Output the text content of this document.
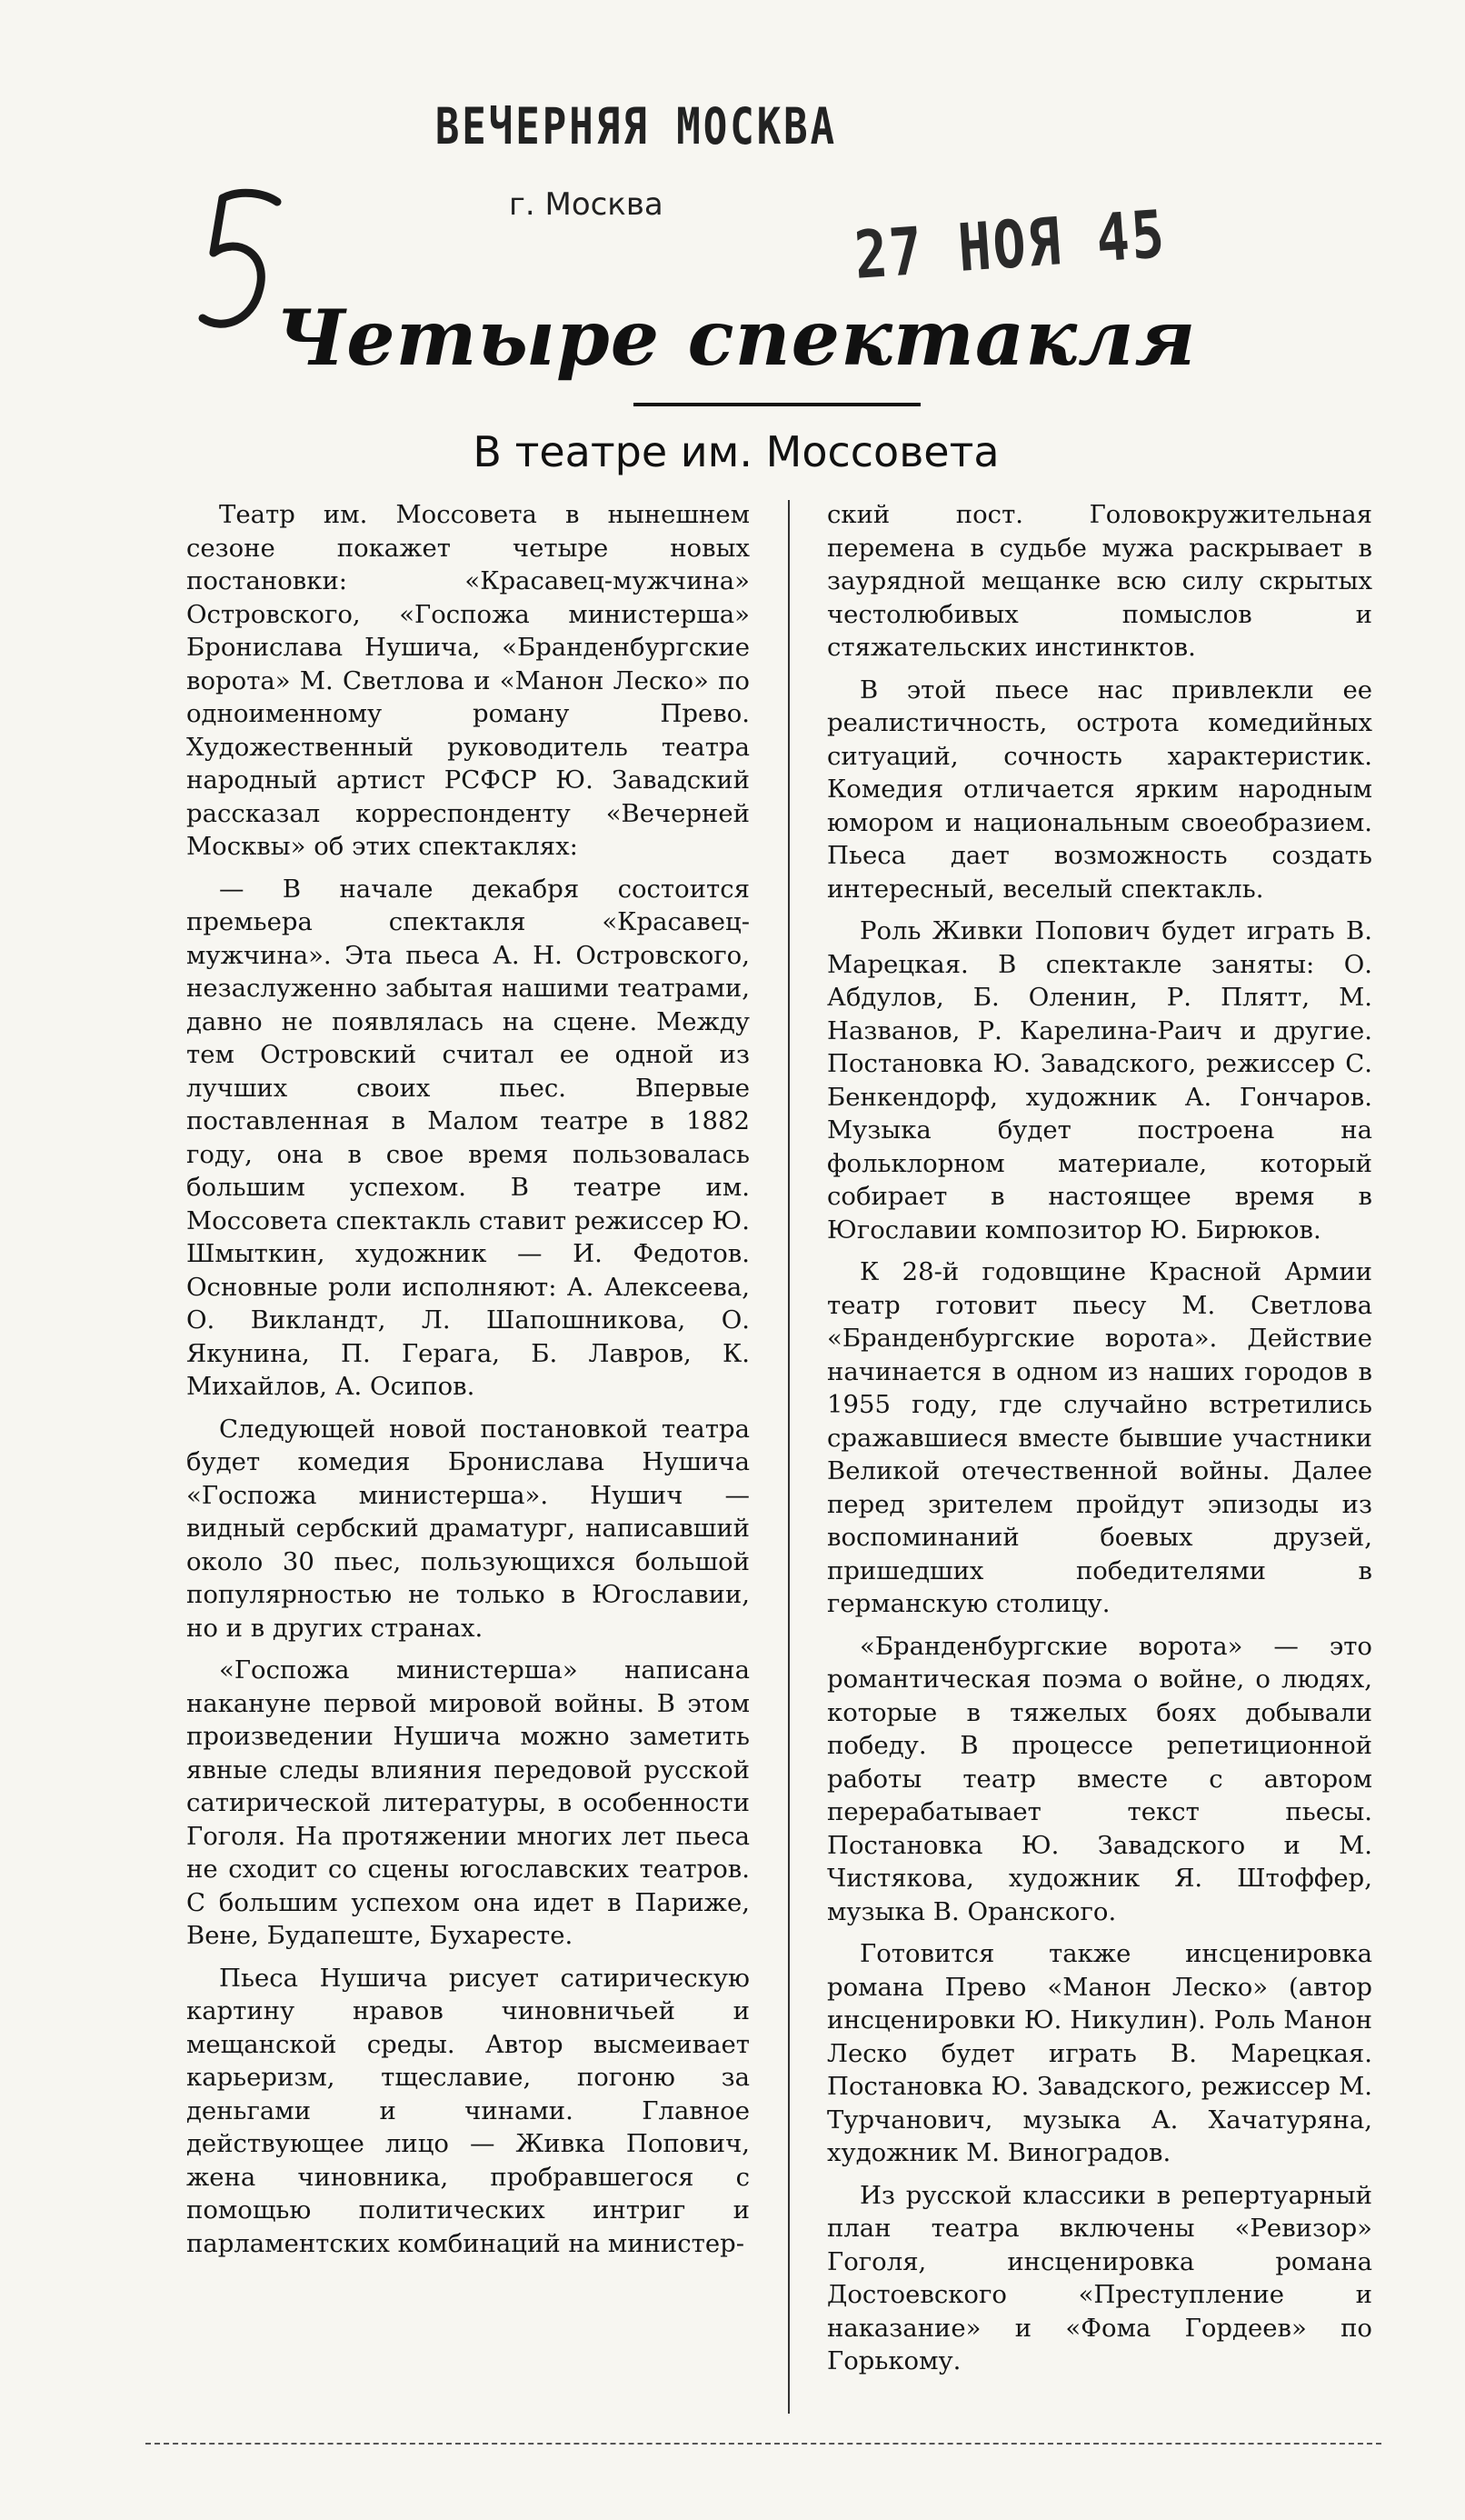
ВЕЧЕРНЯЯ МОСКВА
г. Москва	27 НОЯ 45
Четыре спектакля
В театре им. Моссовета

Театр им. Моссовета в нынешнем сезоне покажет четыре новых постановки: «Красавец-мужчина» Островского, «Госпожа министерша» Бронислава Нушича, «Бранденбургские ворота» М. Светлова и «Манон Леско» по одноименному роману Прево. Художественный руководитель театра народный артист РСФСР Ю. Завадский рассказал корреспонденту «Вечерней Москвы» об этих спектаклях:

— В начале декабря состоится премьера спектакля «Красавец-мужчина». Эта пьеса А. Н. Островского, незаслуженно забытая нашими театрами, давно не появлялась на сцене. Между тем Островский считал ее одной из лучших своих пьес. Впервые поставленная в Малом театре в 1882 году, она в свое время пользовалась большим успехом. В театре им. Моссовета спектакль ставит режиссер Ю. Шмыткин, художник — И. Федотов. Основные роли исполняют: А. Алексеева, О. Викландт, Л. Шапошникова, О. Якунина, П. Герага, Б. Лавров, К. Михайлов, А. Осипов.

Следующей новой постановкой театра будет комедия Бронислава Нушича «Госпожа министерша». Нушич — видный сербский драматург, написавший около 30 пьес, пользующихся большой популярностью не только в Югославии, но и в других странах.

«Госпожа министерша» написана накануне первой мировой войны. В этом произведении Нушича можно заметить явные следы влияния передовой русской сатирической литературы, в особенности Гоголя. На протяжении многих лет пьеса не сходит со сцены югославских театров. С большим успехом она идет в Париже, Вене, Будапеште, Бухаресте.

Пьеса Нушича рисует сатирическую картину нравов чиновничьей и мещанской среды. Автор высмеивает карьеризм, тщеславие, погоню за деньгами и чинами. Главное действующее лицо — Живка Попович, жена чиновника, пробравшегося с помощью политических интриг и парламентских комбинаций на министер-

ский пост. Головокружительная перемена в судьбе мужа раскрывает в заурядной мещанке всю силу скрытых честолюбивых помыслов и стяжательских инстинктов.

В этой пьесе нас привлекли ее реалистичность, острота комедийных ситуаций, сочность характеристик. Комедия отличается ярким народным юмором и национальным своеобразием. Пьеса дает возможность создать интересный, веселый спектакль.

Роль Живки Попович будет играть В. Марецкая. В спектакле заняты: О. Абдулов, Б. Оленин, Р. Плятт, М. Названов, Р. Карелина-Раич и другие. Постановка Ю. Завадского, режиссер С. Бенкендорф, художник А. Гончаров. Музыка будет построена на фольклорном материале, который собирает в настоящее время в Югославии композитор Ю. Бирюков.

К 28-й годовщине Красной Армии театр готовит пьесу М. Светлова «Бранденбургские ворота». Действие начинается в одном из наших городов в 1955 году, где случайно встретились сражавшиеся вместе бывшие участники Великой отечественной войны. Далее перед зрителем пройдут эпизоды из воспоминаний боевых друзей, пришедших победителями в германскую столицу.

«Бранденбургские ворота» — это романтическая поэма о войне, о людях, которые в тяжелых боях добывали победу. В процессе репетиционной работы театр вместе с автором перерабатывает текст пьесы. Постановка Ю. Завадского и М. Чистякова, художник Я. Штоффер, музыка В. Оранского.

Готовится также инсценировка романа Прево «Манон Леско» (автор инсценировки Ю. Никулин). Роль Манон Леско будет играть В. Марецкая. Постановка Ю. Завадского, режиссер М. Турчанович, музыка А. Хачатуряна, художник М. Виноградов.

Из русской классики в репертуарный план театра включены «Ревизор» Гоголя, инсценировка романа Достоевского «Преступление и наказание» и «Фома Гордеев» по Горькому.
